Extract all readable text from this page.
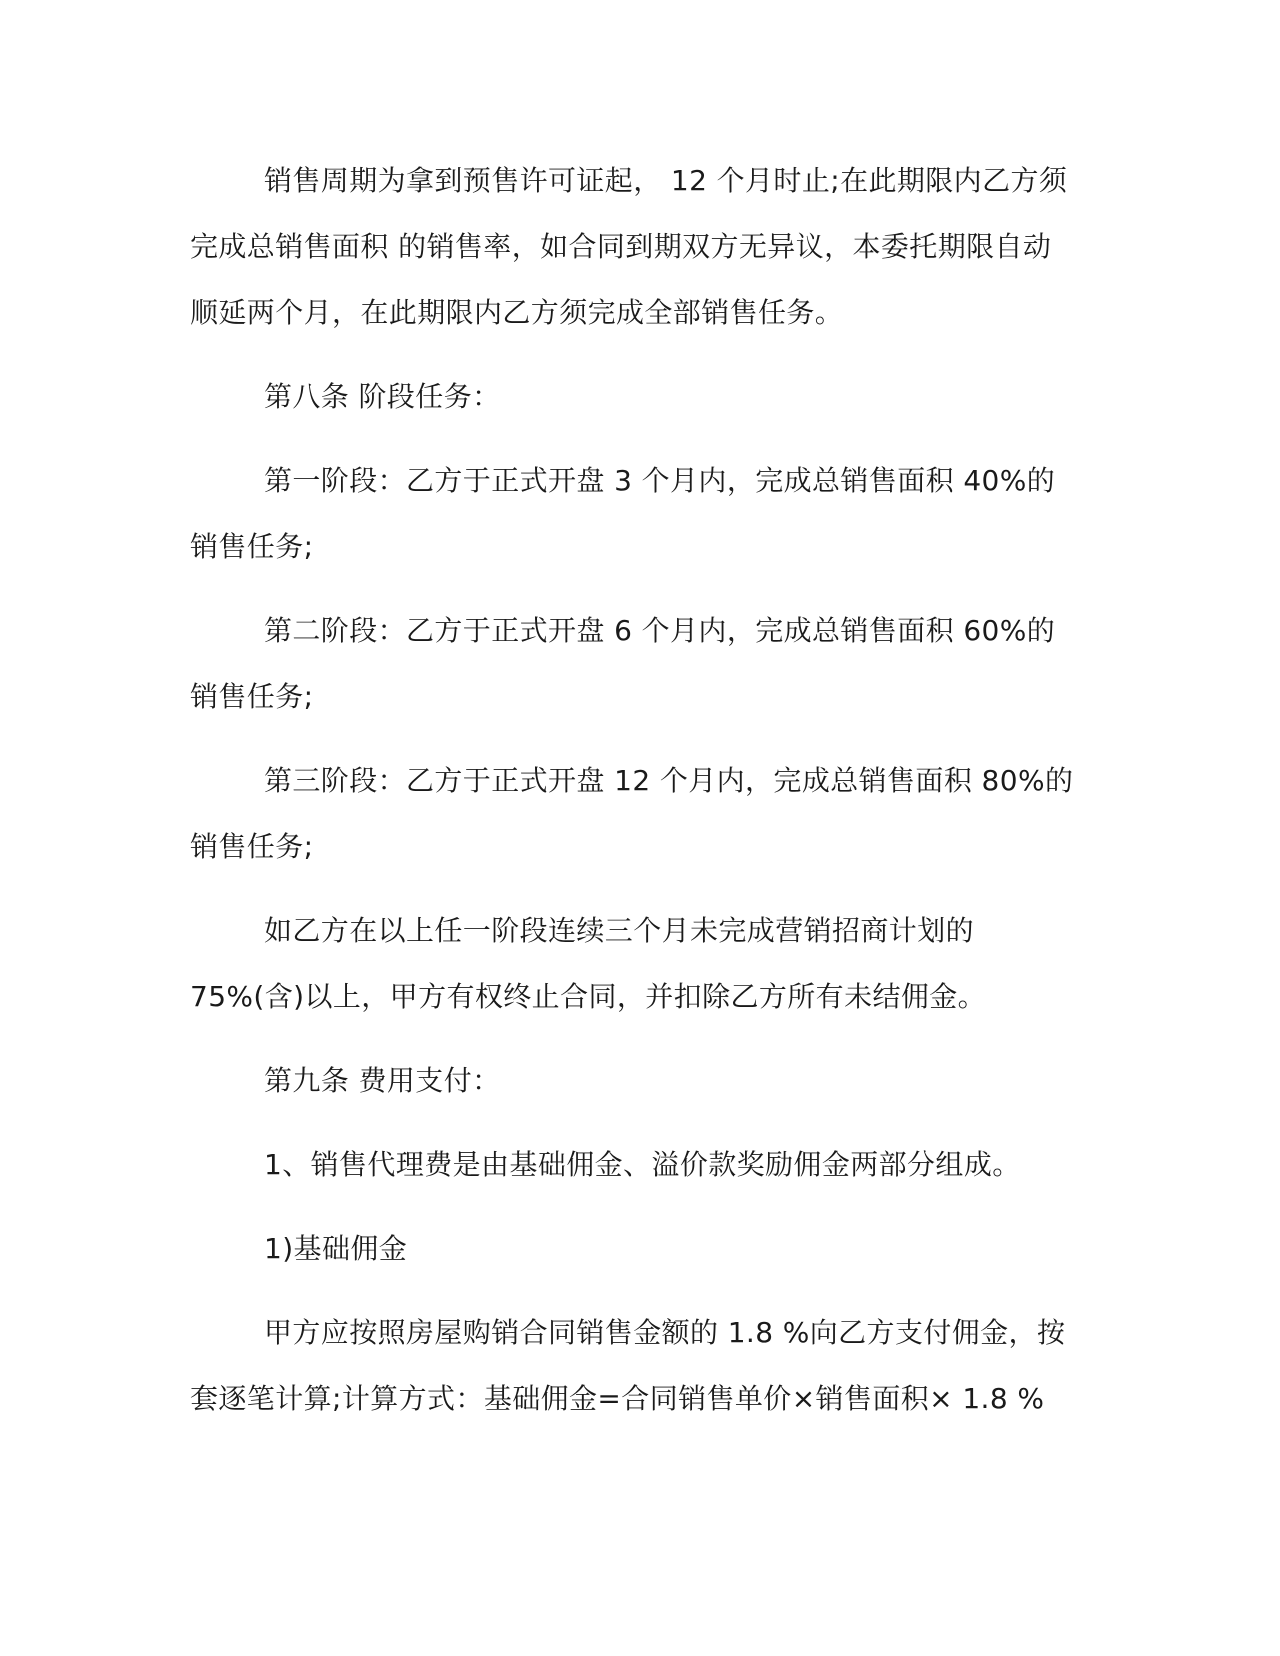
销售周期为拿到预售许可证起， 12 个月时止;在此期限内乙方须
完成总销售面积 的销售率，如合同到期双方无异议，本委托期限自动
顺延两个月，在此期限内乙方须完成全部销售任务。
第八条 阶段任务：
第一阶段：乙方于正式开盘 3 个月内，完成总销售面积 40%的
销售任务;
第二阶段：乙方于正式开盘 6 个月内，完成总销售面积 60%的
销售任务;
第三阶段：乙方于正式开盘 12 个月内，完成总销售面积 80%的
销售任务;
如乙方在以上任一阶段连续三个月未完成营销招商计划的
75%(含)以上，甲方有权终止合同，并扣除乙方所有未结佣金。
第九条 费用支付：
1、销售代理费是由基础佣金、溢价款奖励佣金两部分组成。
1)基础佣金
甲方应按照房屋购销合同销售金额的 1.8 %向乙方支付佣金，按
套逐笔计算;计算方式：基础佣金=合同销售单价×销售面积× 1.8 %
